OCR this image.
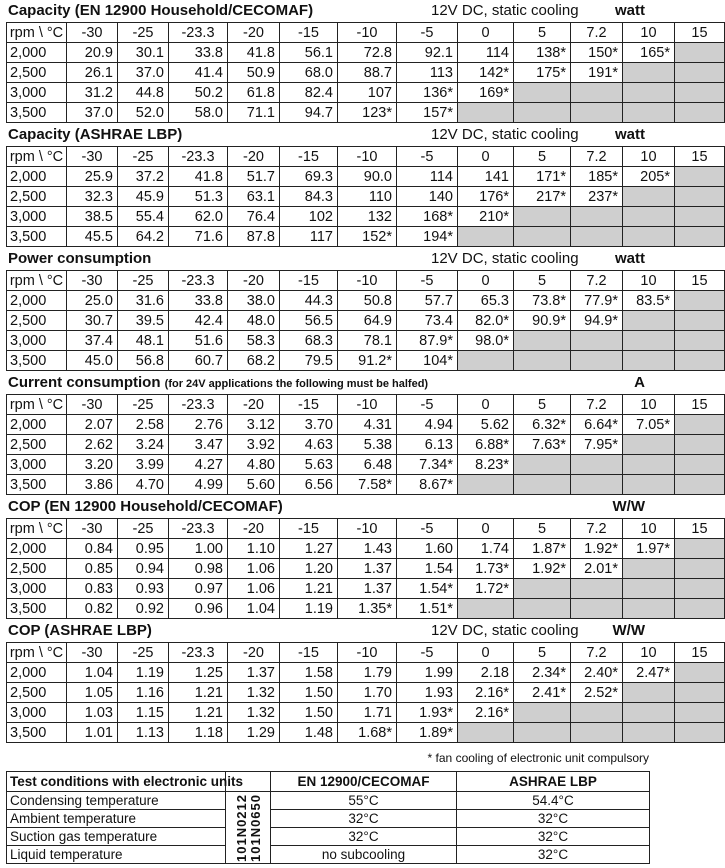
Capacity (EN 12900 Household/CECOMAF)	12V DC, static cooling watt
rpm \ °C	-30	-25	-23.3	-20	-15	-10	-5	0	5	7.2	10	15
2,000	20.9	30.1	33.8	41.8	56.1	72.8	92.1	114	138*	150*	165*	
2,500	26.1	37.0	41.4	50.9	68.0	88.7	113	142*	175*	191*		
3,000	31.2	44.8	50.2	61.8	82.4	107	136*	169*				
3,500	37.0	52.0	58.0	71.1	94.7	123*	157*					
Capacity (ASHRAE LBP)	12V DC, static cooling watt
rpm \ °C	-30	-25	-23.3	-20	-15	-10	-5	0	5	7.2	10	15
2,000	25.9	37.2	41.8	51.7	69.3	90.0	114	141	171*	185*	205*	
2,500	32.3	45.9	51.3	63.1	84.3	110	140	176*	217*	237*		
3,000	38.5	55.4	62.0	76.4	102	132	168*	210*				
3,500	45.5	64.2	71.6	87.8	117	152*	194*					
Power consumption	12V DC, static cooling watt
rpm \ °C	-30	-25	-23.3	-20	-15	-10	-5	0	5	7.2	10	15
2,000	25.0	31.6	33.8	38.0	44.3	50.8	57.7	65.3	73.8*	77.9*	83.5*	
2,500	30.7	39.5	42.4	48.0	56.5	64.9	73.4	82.0*	90.9*	94.9*		
3,000	37.4	48.1	51.6	58.3	68.3	78.1	87.9*	98.0*				
3,500	45.0	56.8	60.7	68.2	79.5	91.2*	104*					
Current consumption (for 24V applications the following must be halfed)	A
rpm \ °C	-30	-25	-23.3	-20	-15	-10	-5	0	5	7.2	10	15
2,000	2.07	2.58	2.76	3.12	3.70	4.31	4.94	5.62	6.32*	6.64*	7.05*	
2,500	2.62	3.24	3.47	3.92	4.63	5.38	6.13	6.88*	7.63*	7.95*		
3,000	3.20	3.99	4.27	4.80	5.63	6.48	7.34*	8.23*				
3,500	3.86	4.70	4.99	5.60	6.56	7.58*	8.67*					
COP (EN 12900 Household/CECOMAF)	W/W
rpm \ °C	-30	-25	-23.3	-20	-15	-10	-5	0	5	7.2	10	15
2,000	0.84	0.95	1.00	1.10	1.27	1.43	1.60	1.74	1.87*	1.92*	1.97*	
2,500	0.85	0.94	0.98	1.06	1.20	1.37	1.54	1.73*	1.92*	2.01*		
3,000	0.83	0.93	0.97	1.06	1.21	1.37	1.54*	1.72*				
3,500	0.82	0.92	0.96	1.04	1.19	1.35*	1.51*					
COP (ASHRAE LBP)	12V DC, static cooling W/W
rpm \ °C	-30	-25	-23.3	-20	-15	-10	-5	0	5	7.2	10	15
2,000	1.04	1.19	1.25	1.37	1.58	1.79	1.99	2.18	2.34*	2.40*	2.47*	
2,500	1.05	1.16	1.21	1.32	1.50	1.70	1.93	2.16*	2.41*	2.52*		
3,000	1.03	1.15	1.21	1.32	1.50	1.71	1.93*	2.16*				
3,500	1.01	1.13	1.18	1.29	1.48	1.68*	1.89*					
* fan cooling of electronic unit compulsory
Test conditions with electronic units		EN 12900/CECOMAF	ASHRAE LBP
Condensing temperature	101N0212 101N0650	55°C	54.4°C
Ambient temperature		32°C	32°C
Suction gas temperature		32°C	32°C
Liquid temperature		no subcooling	32°C
